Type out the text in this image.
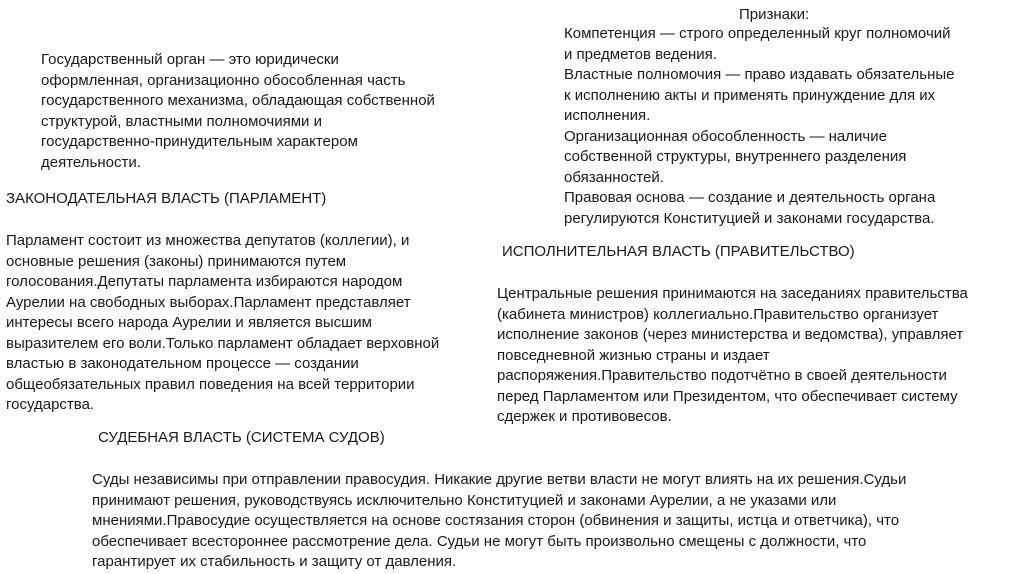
Государственный орган — это юридически
оформленная, организационно обособленная часть
государственного механизма, обладающая собственной
структурой, властными полномочиями и
государственно-принудительным характером
деятельности.
Признаки:
Компетенция — строго определенный круг полномочий
и предметов ведения.
Властные полномочия — право издавать обязательные
к исполнению акты и применять принуждение для их
исполнения.
Организационная обособленность — наличие
собственной структуры, внутреннего разделения
обязанностей.
Правовая основа — создание и деятельность органа
регулируются Конституцией и законами государства.
ЗАКОНОДАТЕЛЬНАЯ ВЛАСТЬ (ПАРЛАМЕНТ)
Парламент состоит из множества депутатов (коллегии), и
основные решения (законы) принимаются путем
голосования.Депутаты парламента избираются народом
Аурелии на свободных выборах.Парламент представляет
интересы всего народа Аурелии и является высшим
выразителем его воли.Только парламент обладает верховной
властью в законодательном процессе — создании
общеобязательных правил поведения на всей территории
государства.
ИСПОЛНИТЕЛЬНАЯ ВЛАСТЬ (ПРАВИТЕЛЬСТВО)
Центральные решения принимаются на заседаниях правительства
(кабинета министров) коллегиально.Правительство организует
исполнение законов (через министерства и ведомства), управляет
повседневной жизнью страны и издает
распоряжения.Правительство подотчётно в своей деятельности
перед Парламентом или Президентом, что обеспечивает систему
сдержек и противовесов.
СУДЕБНАЯ ВЛАСТЬ (СИСТЕМА СУДОВ)
Суды независимы при отправлении правосудия. Никакие другие ветви власти не могут влиять на их решения.Судьи
принимают решения, руководствуясь исключительно Конституцией и законами Аурелии, а не указами или
мнениями.Правосудие осуществляется на основе состязания сторон (обвинения и защиты, истца и ответчика), что
обеспечивает всестороннее рассмотрение дела. Судьи не могут быть произвольно смещены с должности, что
гарантирует их стабильность и защиту от давления.
